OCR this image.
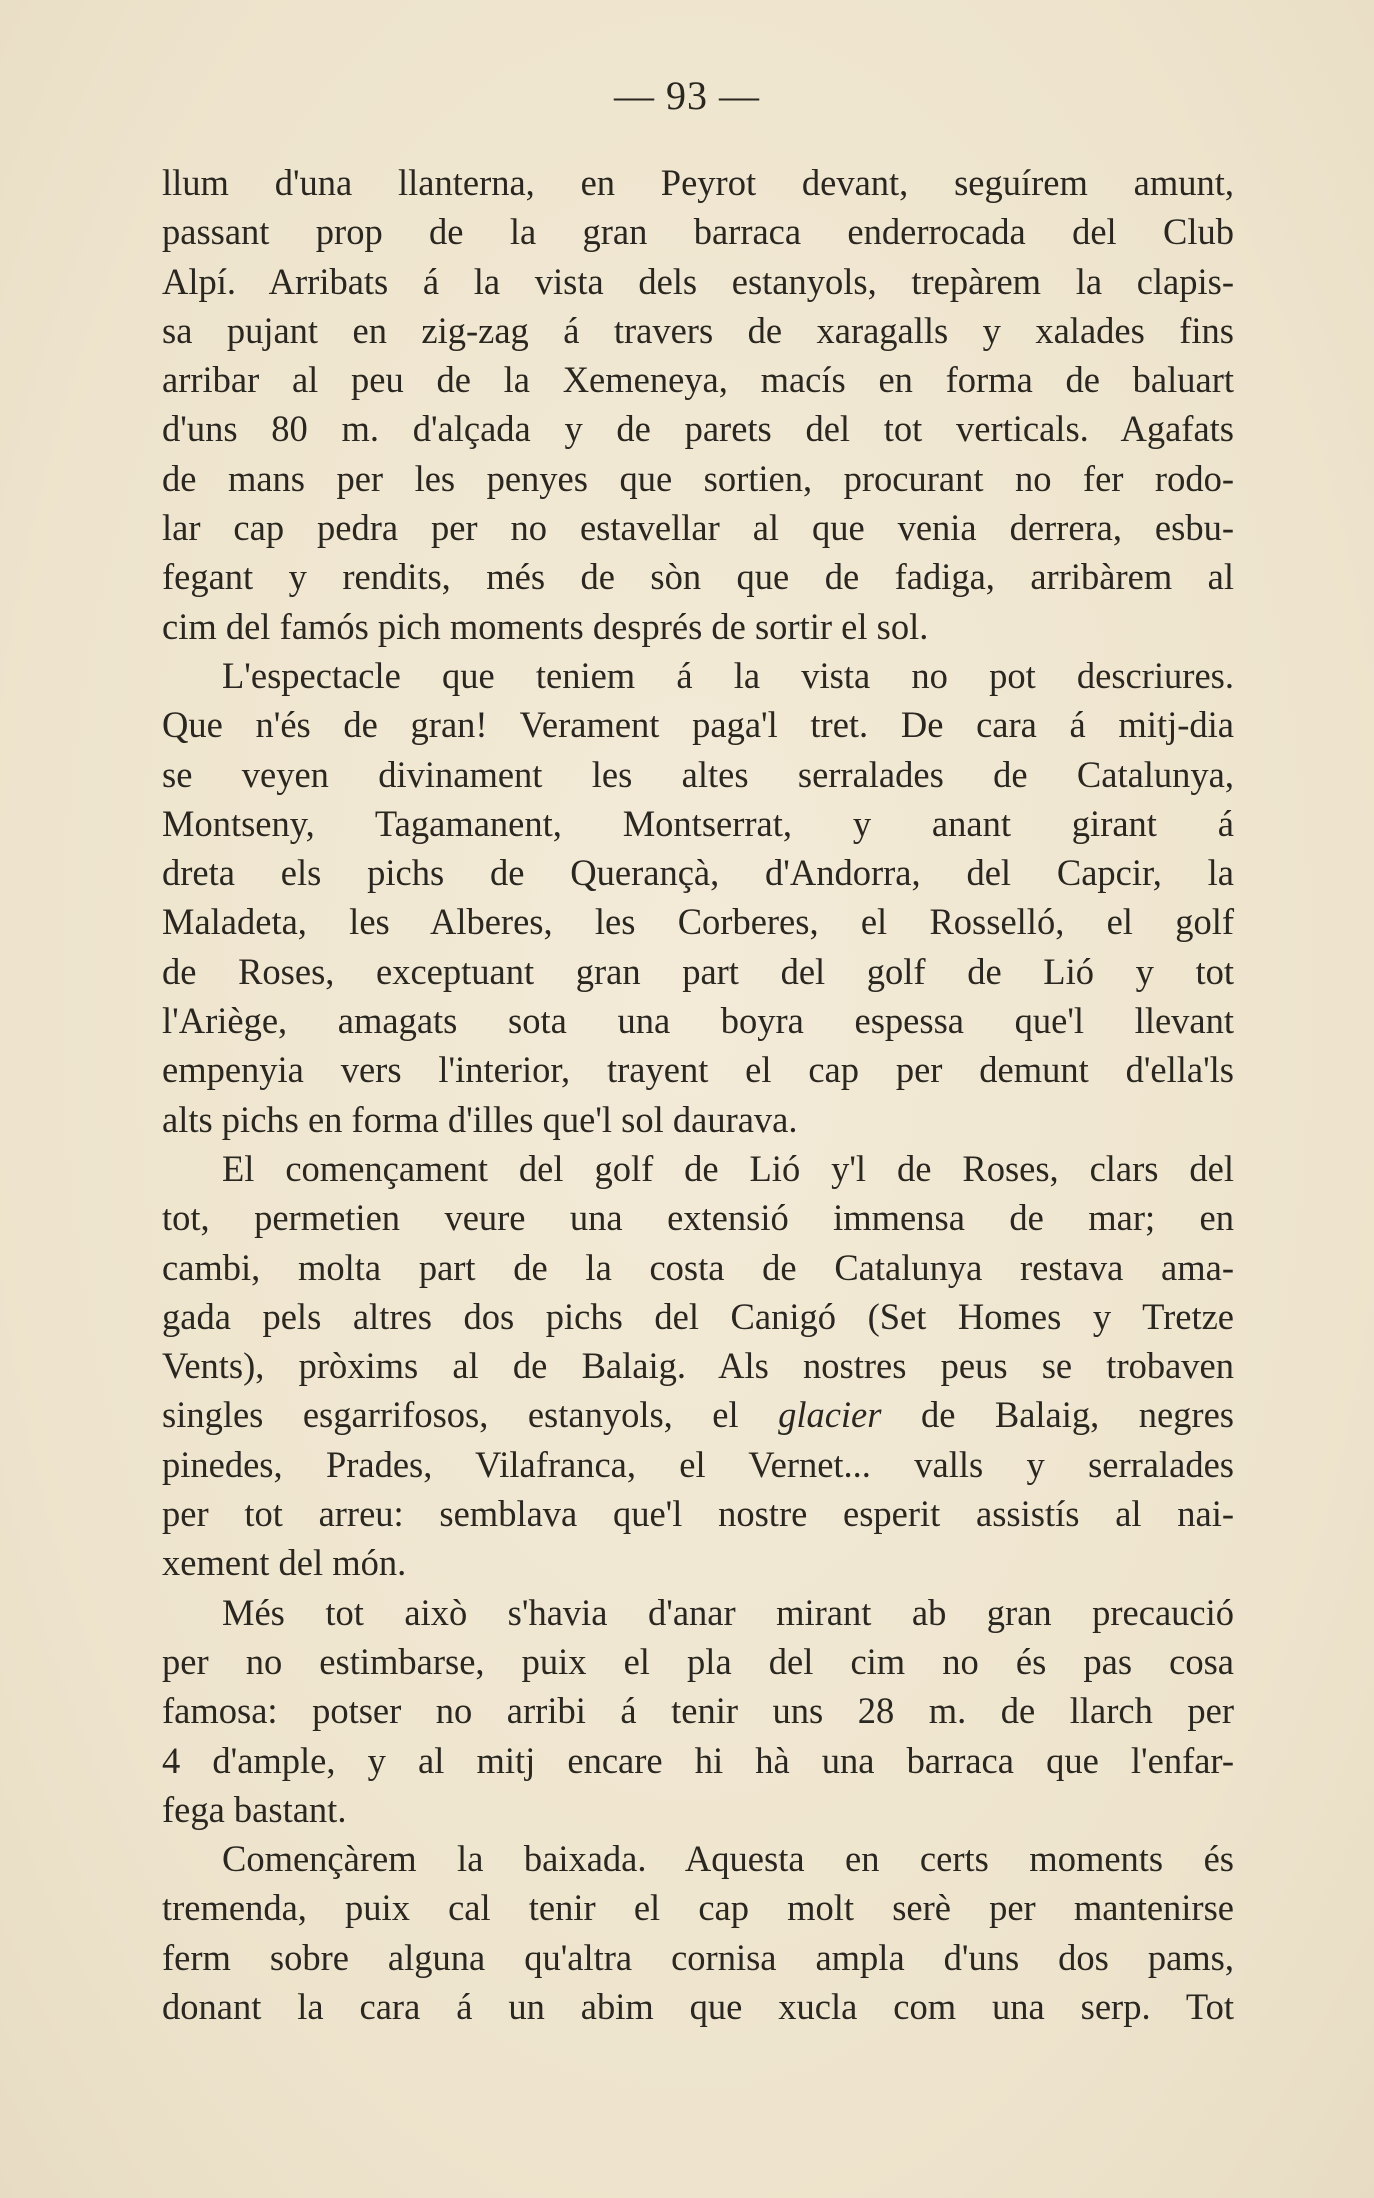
— 93 —
llum d'una llanterna, en Peyrot devant, seguírem amunt,
passant prop de la gran barraca enderrocada del Club
Alpí. Arribats á la vista dels estanyols, trepàrem la clapis-
sa pujant en zig-zag á travers de xaragalls y xalades fins
arribar al peu de la Xemeneya, macís en forma de baluart
d'uns 80 m. d'alçada y de parets del tot verticals. Agafats
de mans per les penyes que sortien, procurant no fer rodo-
lar cap pedra per no estavellar al que venia derrera, esbu-
fegant y rendits, més de sòn que de fadiga, arribàrem al
cim del famós pich moments després de sortir el sol.
L'espectacle que teniem á la vista no pot descriures.
Que n'és de gran! Verament paga'l tret. De cara á mitj-dia
se veyen divinament les altes serralades de Catalunya,
Montseny, Tagamanent, Montserrat, y anant girant á
dreta els pichs de Querançà, d'Andorra, del Capcir, la
Maladeta, les Alberes, les Corberes, el Rosselló, el golf
de Roses, exceptuant gran part del golf de Lió y tot
l'Ariège, amagats sota una boyra espessa que'l llevant
empenyia vers l'interior, trayent el cap per demunt d'ella'ls
alts pichs en forma d'illes que'l sol daurava.
El començament del golf de Lió y'l de Roses, clars del
tot, permetien veure una extensió immensa de mar; en
cambi, molta part de la costa de Catalunya restava ama-
gada pels altres dos pichs del Canigó (Set Homes y Tretze
Vents), pròxims al de Balaig. Als nostres peus se trobaven
singles esgarrifosos, estanyols, el glacier de Balaig, negres
pinedes, Prades, Vilafranca, el Vernet... valls y serralades
per tot arreu: semblava que'l nostre esperit assistís al nai-
xement del món.
Més tot això s'havia d'anar mirant ab gran precaució
per no estimbarse, puix el pla del cim no és pas cosa
famosa: potser no arribi á tenir uns 28 m. de llarch per
4 d'ample, y al mitj encare hi hà una barraca que l'enfar-
fega bastant.
Començàrem la baixada. Aquesta en certs moments és
tremenda, puix cal tenir el cap molt serè per mantenirse
ferm sobre alguna qu'altra cornisa ampla d'uns dos pams,
donant la cara á un abim que xucla com una serp. Tot
